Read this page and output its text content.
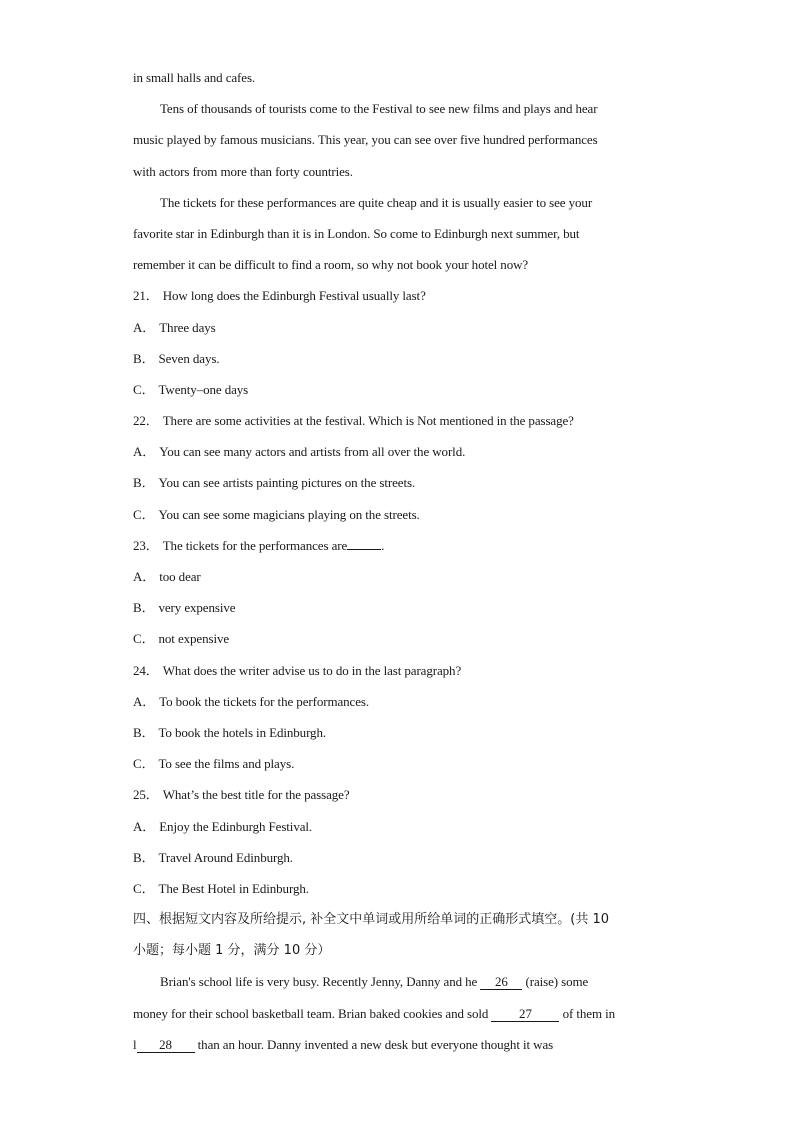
in small halls and cafes.
Tens of thousands of tourists come to the Festival to see new films and plays and hear
music played by famous musicians. This year, you can see over five hundred performances
with actors from more than forty countries.
The tickets for these performances are quite cheap and it is usually easier to see your
favorite star in Edinburgh than it is in London. So come to Edinburgh next summer, but
remember it can be difficult to find a room, so why not book your hotel now?
21． How long does the Edinburgh Festival usually last?
A． Three days
B． Seven days.
C． Twenty–one days
22． There are some activities at the festival. Which is Not mentioned in the passage?
A． You can see many actors and artists from all over the world.
B． You can see artists painting pictures on the streets.
C． You can see some magicians playing on the streets.
23． The tickets for the performances are	.
A． too dear
B． very expensive
C． not expensive
24． What does the writer advise us to do in the last paragraph?
A． To book the tickets for the performances.
B． To book the hotels in Edinburgh.
C． To see the films and plays.
25． What’s the best title for the passage?
A． Enjoy the Edinburgh Festival.
B． Travel Around Edinburgh.
C． The Best Hotel in Edinburgh.
四、根据短文内容及所给提示, 补全文中单词或用所给单词的正确形式填空。(共 10
小题；每小题 1 分，满分 10 分）
Brian's school life is very busy. Recently Jenny, Danny and he 26 (raise) some
money for their school basketball team. Brian baked cookies and sold 27 of them in
l 28 than an hour. Danny invented a new desk but everyone thought it was
